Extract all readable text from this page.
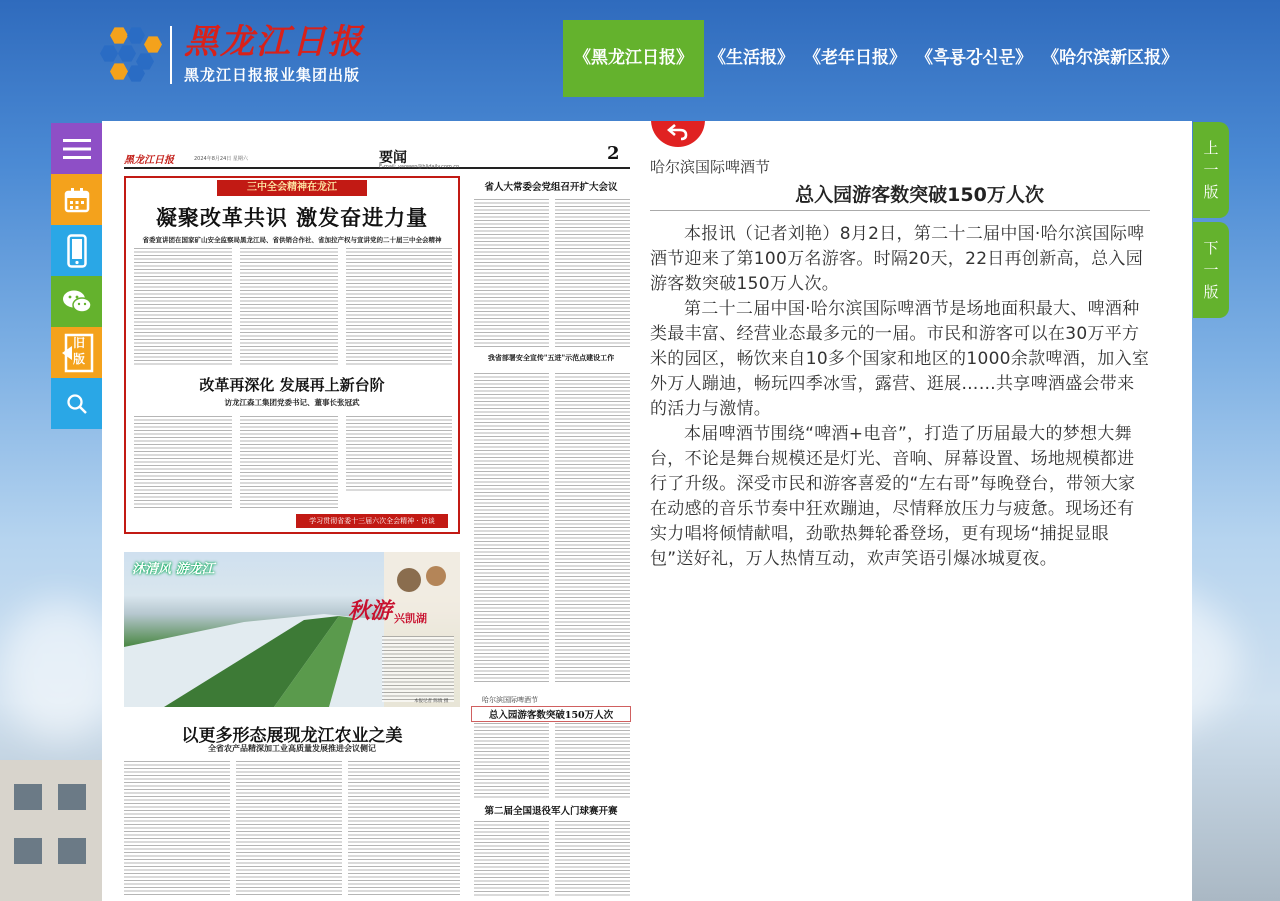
黑龙江日报
黑龙江日报报业集团出版
《黑龙江日报》 《生活报》 《老年日报》 《흑룡강신문》 《哈尔滨新区报》
旧版
黑龙江日报	2024年8月24日 星期六	要闻
E-mail: yaowen@hljdaily.com.cn
2
三中全会精神在龙江
凝聚改革共识 激发奋进力量
省委宣讲团在国家矿山安全监察局黑龙江局、省供销合作社、省加拉产权与宣讲党的二十届三中全会精神
改革再深化 发展再上新台阶
访龙江森工集团党委书记、董事长张冠武
学习贯彻省委十三届六次全会精神 · 访谈
沐清风 游龙江
秋游 兴凯湖
本报记者 陈镇 摄
以更多形态展现龙江农业之美
全省农产品精深加工业高质量发展推进会议侧记
省人大常委会党组召开扩大会议
我省部署安全宣传"五进"示范点建设工作
哈尔滨国际啤酒节
总入园游客数突破150万人次
第二届全国退役军人门球赛开赛
哈尔滨国际啤酒节
总入园游客数突破150万人次

本报讯（记者刘艳）8月2日，第二十二届中国·哈尔滨国际啤酒节迎来了第100万名游客。时隔20天，22日再创新高，总入园游客数突破150万人次。

第二十二届中国·哈尔滨国际啤酒节是场地面积最大、啤酒种类最丰富、经营业态最多元的一届。市民和游客可以在30万平方米的园区，畅饮来自10多个国家和地区的1000余款啤酒，加入室外万人蹦迪，畅玩四季冰雪，露营、逛展……共享啤酒盛会带来的活力与激情。

本届啤酒节围绕“啤酒+电音”，打造了历届最大的梦想大舞台，不论是舞台规模还是灯光、音响、屏幕设置、场地规模都进行了升级。深受市民和游客喜爱的“左右哥”每晚登台，带领大家在动感的音乐节奏中狂欢蹦迪，尽情释放压力与疲惫。现场还有实力唱将倾情献唱，劲歌热舞轮番登场，更有现场“捕捉显眼包”送好礼，万人热情互动，欢声笑语引爆冰城夏夜。

上一版
下一版
